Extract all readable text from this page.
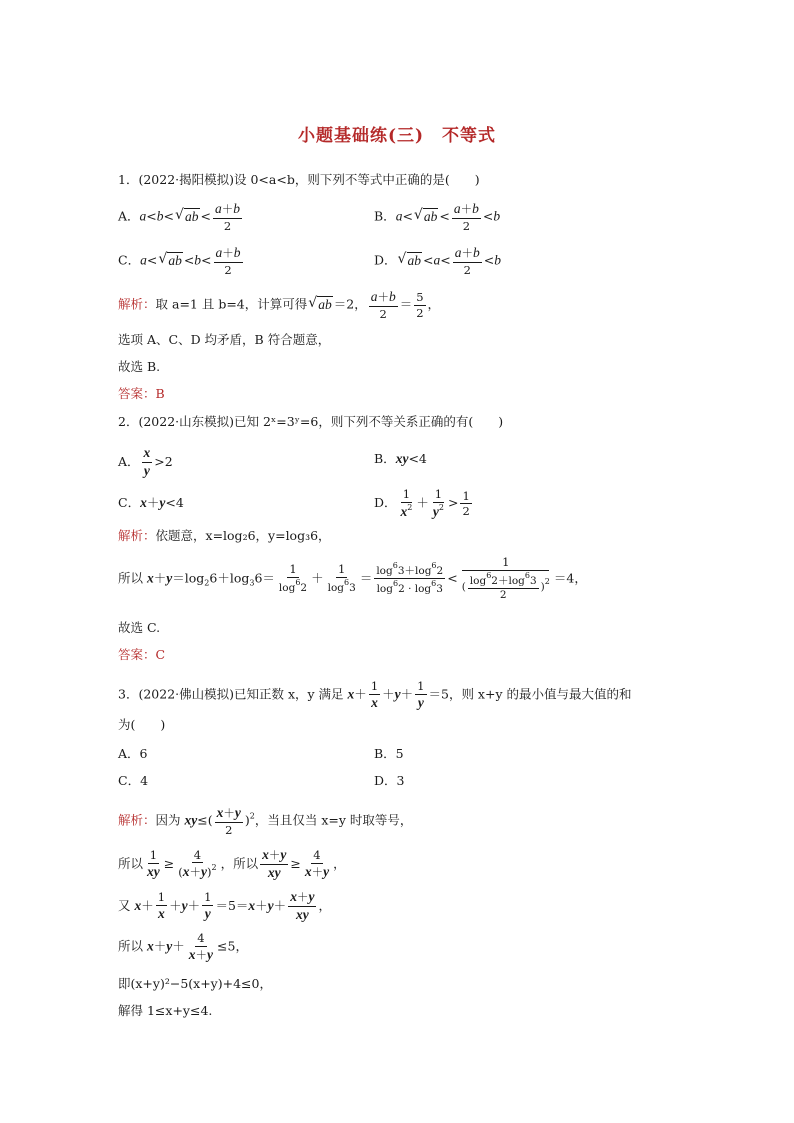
小题基础练(三)　不等式
1．(2022·揭阳模拟)设 0<a<b，则下列不等式中正确的是(　　)
A．a<b< √ ab < $\frac{a+b}{2}$	B．a< √ ab < $\frac{a+b}{2} <b$
C．a< √ ab $<b< \frac{a+b}{2}$	D． √ ab $<a< \frac{a+b}{2} <b$
解析：取 a=1 且 b=4，计算可得 √ ab ＝2， $\frac{a+b}{2} = \frac{5}{2}$ ，
选项 A、C、D 均矛盾，B 符合题意，
故选 B.
答案：B
2．(2022·山东模拟)已知 2ˣ=3ʸ=6，则下列不等关系正确的有(　　)
A． $\frac{x}{y} >2$	B．xy<4
C．x＋y<4	D． $\frac{1}{x^2} + \frac{1}{y^2} > \frac{1}{2}$
解析：依题意，x=log₂6，y=log₃6，
所以 $x+y=\log_26+\log_36= \frac{1}{\log^62} + \frac{1}{\log^63} = \frac{\log^63+\log^62}{\log^62 \cdot \log^63} < \frac{1}{( \frac{\log^62+\log^63}{2} )^2} =4$，
故选 C.
答案：C
3．(2022·佛山模拟)已知正数 x，y 满足 $x+ \frac{1}{x} +y+ \frac{1}{y} =5$，则 x+y 的最小值与最大值的和
为(　　)
A．6	B．5
C．4	D．3
解析：因为 $xy\le( \frac{x+y}{2} )^2$，当且仅当 x=y 时取等号，
所以 $\frac{1}{xy} \ge \frac{4}{(x+y)^2}$ ，所以 $\frac{x+y}{xy} \ge \frac{4}{x+y}$ ，
又 $x+ \frac{1}{x} +y+ \frac{1}{y} =5=x+y+ \frac{x+y}{xy}$ ，
所以 $x+y+ \frac{4}{x+y} \le 5$，
即(x+y)²−5(x+y)+4≤0，
解得 1≤x+y≤4.
